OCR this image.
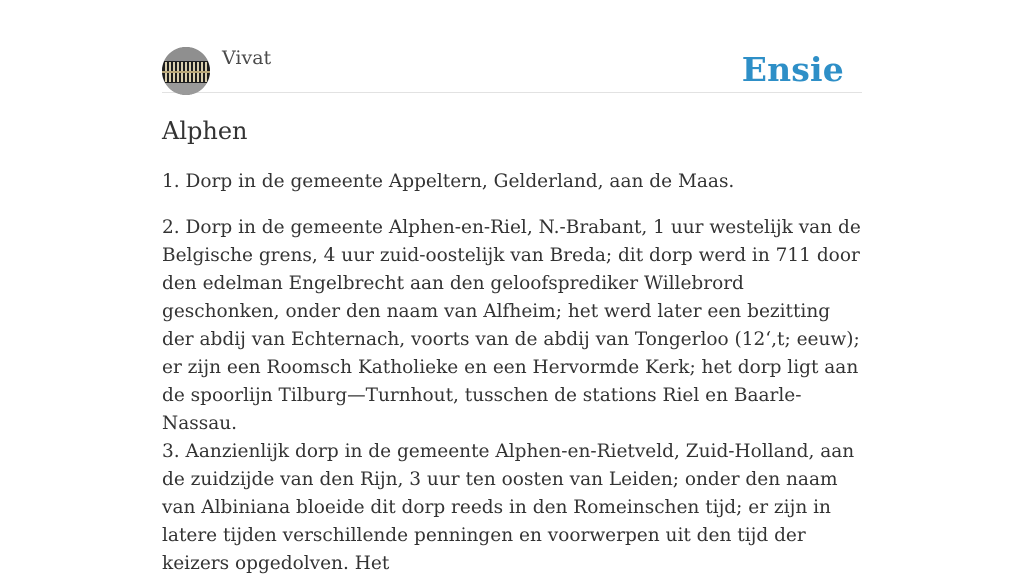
Vivat	Ensie
Alphen

1. Dorp in de gemeente Appeltern, Gelderland, aan de Maas.

2. Dorp in de gemeente Alphen-en-Riel, N.-Brabant, 1 uur westelijk van de Belgische grens, 4 uur zuid-oostelijk van Breda; dit dorp werd in 711 door den edelman Engelbrecht aan den geloofsprediker Willebrord geschonken, onder den naam van Alfheim; het werd later een bezitting der abdij van Echternach, voorts van de abdij van Tongerloo (12ʻ,t; eeuw); er zijn een Roomsch Katholieke en een Hervormde Kerk; het dorp ligt aan de spoorlijn Tilburg—Turnhout, tusschen de stations Riel en Baarle-Nassau.

3. Aanzienlijk dorp in de gemeente Alphen-en-Rietveld, Zuid-Holland, aan de zuidzijde van den Rijn, 3 uur ten oosten van Leiden; onder den naam van Albiniana bloeide dit dorp reeds in den Romeinschen tijd; er zijn in latere tijden verschillende penningen en voorwerpen uit den tijd der keizers opgedolven. Het
